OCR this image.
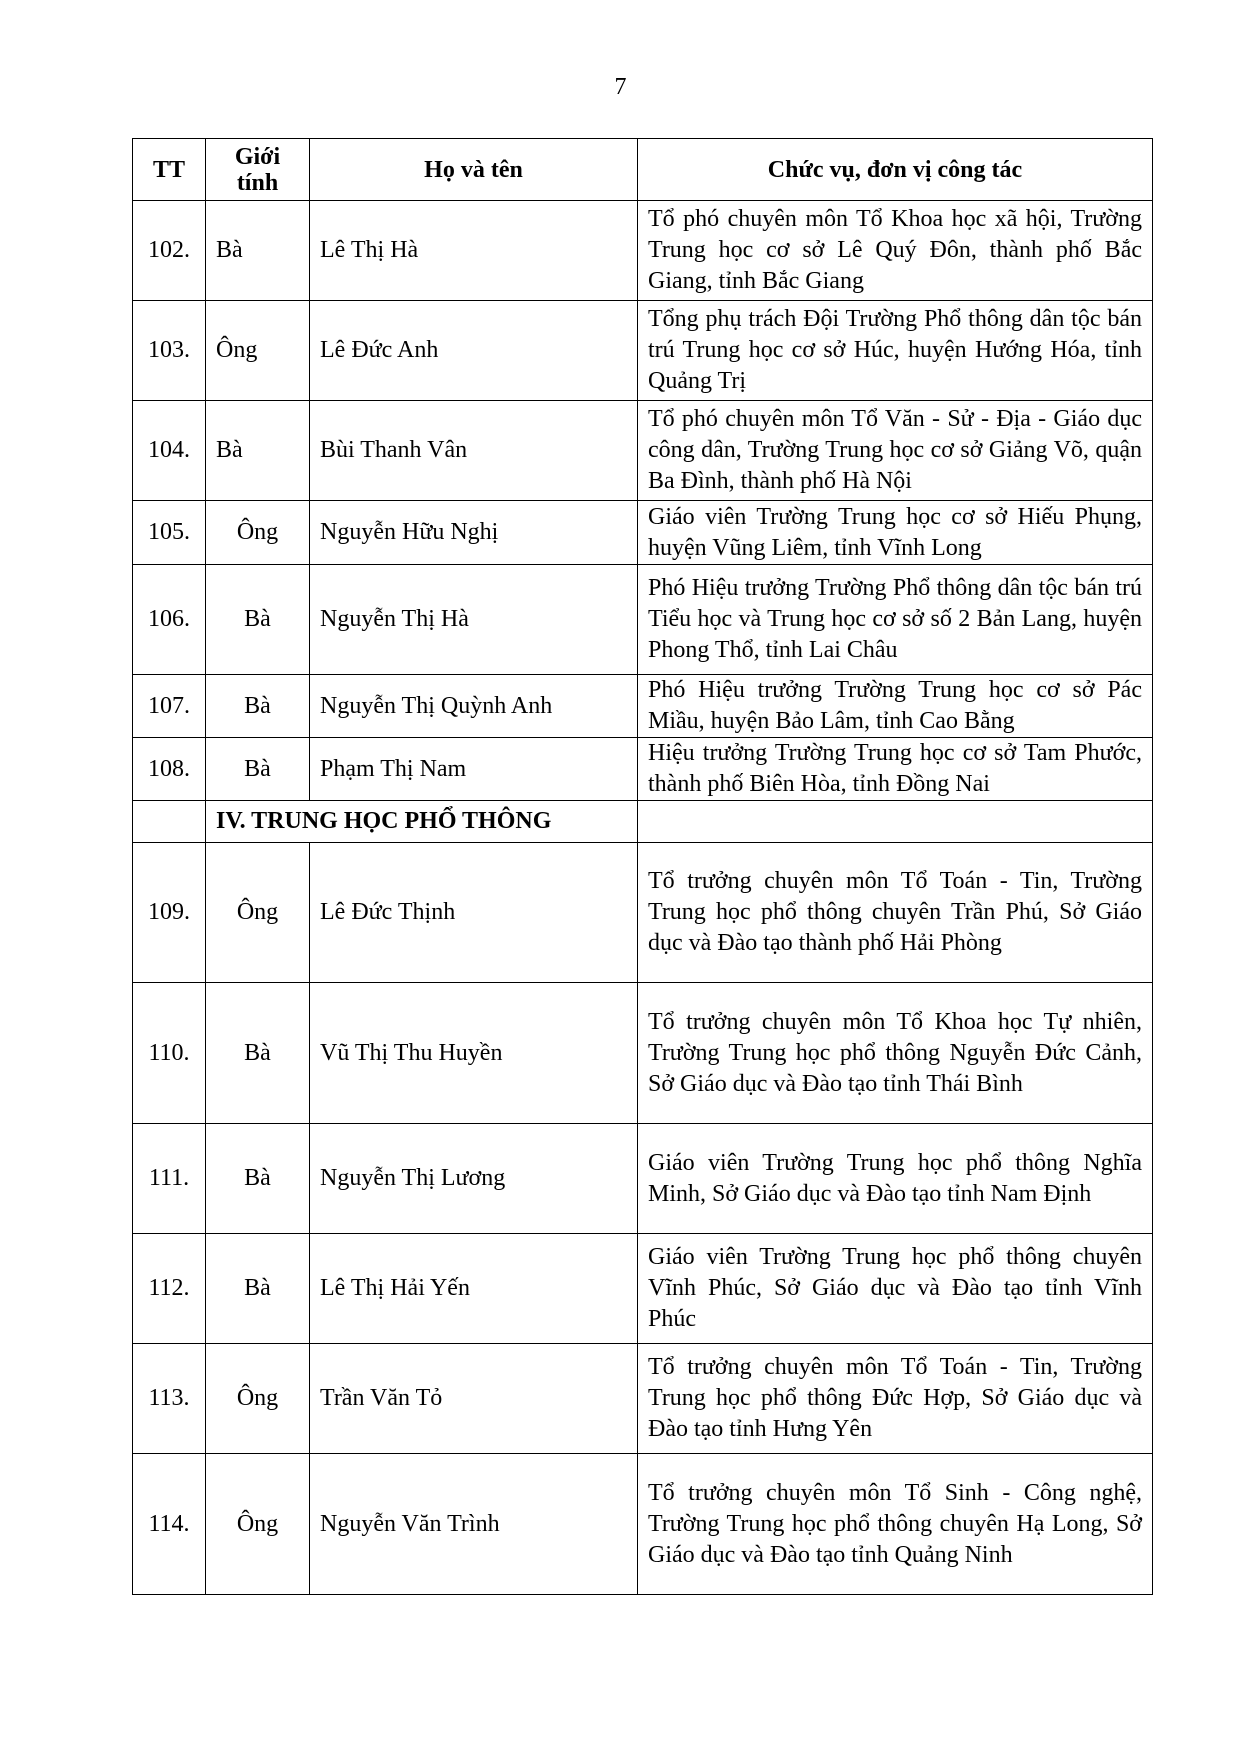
7
TT	Giới tính	Họ và tên	Chức vụ, đơn vị công tác
102.	Bà	Lê Thị Hà	Tổ phó chuyên môn Tổ Khoa học xã hội, Trường Trung học cơ sở Lê Quý Đôn, thành phố Bắc Giang, tỉnh Bắc Giang
103.	Ông	Lê Đức Anh	Tổng phụ trách Đội Trường Phổ thông dân tộc bán trú Trung học cơ sở Húc, huyện Hướng Hóa, tỉnh Quảng Trị
104.	Bà	Bùi Thanh Vân	Tổ phó chuyên môn Tổ Văn - Sử - Địa - Giáo dục công dân, Trường Trung học cơ sở Giảng Võ, quận Ba Đình, thành phố Hà Nội
105.	Ông	Nguyễn Hữu Nghị	Giáo viên Trường Trung học cơ sở Hiếu Phụng, huyện Vũng Liêm, tỉnh Vĩnh Long
106.	Bà	Nguyễn Thị Hà	Phó Hiệu trưởng Trường Phổ thông dân tộc bán trú Tiểu học và Trung học cơ sở số 2 Bản Lang, huyện Phong Thổ, tỉnh Lai Châu
107.	Bà	Nguyễn Thị Quỳnh Anh	Phó Hiệu trưởng Trường Trung học cơ sở Pác Miầu, huyện Bảo Lâm, tỉnh Cao Bằng
108.	Bà	Phạm Thị Nam	Hiệu trưởng Trường Trung học cơ sở Tam Phước, thành phố Biên Hòa, tỉnh Đồng Nai
	IV. TRUNG HỌC PHỔ THÔNG		
109.	Ông	Lê Đức Thịnh	Tổ trưởng chuyên môn Tổ Toán - Tin, Trường Trung học phổ thông chuyên Trần Phú, Sở Giáo dục và Đào tạo thành phố Hải Phòng
110.	Bà	Vũ Thị Thu Huyền	Tổ trưởng chuyên môn Tổ Khoa học Tự nhiên, Trường Trung học phổ thông Nguyễn Đức Cảnh, Sở Giáo dục và Đào tạo tỉnh Thái Bình
111.	Bà	Nguyễn Thị Lương	Giáo viên Trường Trung học phổ thông Nghĩa Minh, Sở Giáo dục và Đào tạo tỉnh Nam Định
112.	Bà	Lê Thị Hải Yến	Giáo viên Trường Trung học phổ thông chuyên Vĩnh Phúc, Sở Giáo dục và Đào tạo tỉnh Vĩnh Phúc
113.	Ông	Trần Văn Tỏ	Tổ trưởng chuyên môn Tổ Toán - Tin, Trường Trung học phổ thông Đức Hợp, Sở Giáo dục và Đào tạo tỉnh Hưng Yên
114.	Ông	Nguyễn Văn Trình	Tổ trưởng chuyên môn Tổ Sinh - Công nghệ, Trường Trung học phổ thông chuyên Hạ Long, Sở Giáo dục và Đào tạo tỉnh Quảng Ninh
